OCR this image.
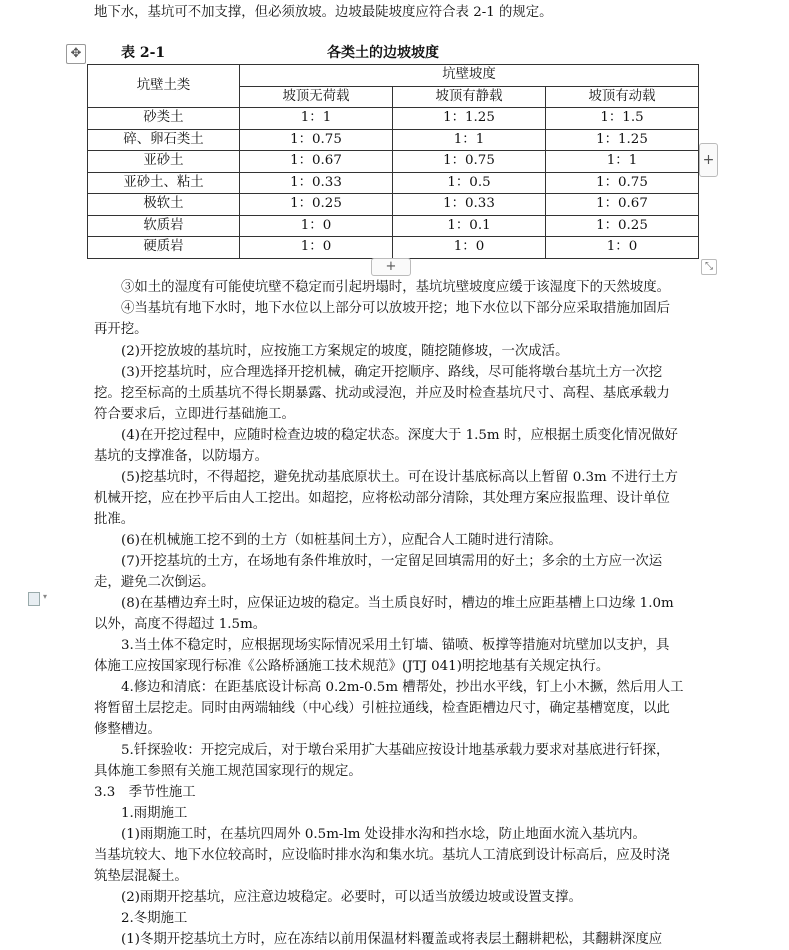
地下水，基坑可不加支撑，但必须放坡。边坡最陡坡度应符合表 2-1 的规定。
✥	表 2-1	各类土的边坡坡度
坑壁土类	坑壁坡度		
	坡顶无荷载	坡顶有静载	坡顶有动载
砂类土	1：1	1：1.25	1：1.5
碎、卵石类土	1：0.75	1：1	1：1.25
亚砂土	1：0.67	1：0.75	1：1
亚砂土、粘土	1：0.33	1：0.5	1：0.75
极软土	1：0.25	1：0.33	1：0.67
软质岩	1：0	1：0.1	1：0.25
硬质岩	1：0	1：0	1：0
+
+	⤡
③如土的湿度有可能使坑壁不稳定而引起坍塌时，基坑坑壁坡度应缓于该湿度下的天然坡度。
④当基坑有地下水时，地下水位以上部分可以放坡开挖；地下水位以下部分应采取措施加固后
再开挖。
(2)开挖放坡的基坑时，应按施工方案规定的坡度，随挖随修坡，一次成活。
(3)开挖基坑时，应合理选择开挖机械，确定开挖顺序、路线，尽可能将墩台基坑土方一次挖
挖。挖至标高的土质基坑不得长期暴露、扰动或浸泡，并应及时检查基坑尺寸、高程、基底承载力
符合要求后，立即进行基础施工。
(4)在开挖过程中，应随时检查边坡的稳定状态。深度大于 1.5m 时，应根据土质变化情况做好
基坑的支撑准备，以防塌方。
(5)挖基坑时，不得超挖，避免扰动基底原状土。可在设计基底标高以上暂留 0.3m 不进行土方
机械开挖，应在抄平后由人工挖出。如超挖，应将松动部分清除，其处理方案应报监理、设计单位
批准。
(6)在机械施工挖不到的土方（如桩基间土方），应配合人工随时进行清除。
(7)开挖基坑的土方，在场地有条件堆放时，一定留足回填需用的好土；多余的土方应一次运
走，避免二次倒运。
(8)在基槽边弃土时，应保证边坡的稳定。当土质良好时，槽边的堆土应距基槽上口边缘 1.0m
以外，高度不得超过 1.5m。
3.当土体不稳定时，应根据现场实际情况采用土钉墙、锚喷、板撑等措施对坑壁加以支护，具
体施工应按国家现行标准《公路桥涵施工技术规范》(JTJ 041)明挖地基有关规定执行。
4.修边和清底：在距基底设计标高 0.2m-0.5m 槽帮处，抄出水平线，钉上小木撅，然后用人工
将暂留土层挖走。同时由两端轴线（中心线）引桩拉通线，检查距槽边尺寸，确定基槽宽度，以此
修整槽边。
5.钎探验收：开挖完成后，对于墩台采用扩大基础应按设计地基承载力要求对基底进行钎探，
具体施工参照有关施工规范国家现行的规定。
3.3　季节性施工
1.雨期施工
(1)雨期施工时，在基坑四周外 0.5m-lm 处设排水沟和挡水埝，防止地面水流入基坑内。
当基坑较大、地下水位较高时，应设临时排水沟和集水坑。基坑人工清底到设计标高后，应及时浇
筑垫层混凝土。
(2)雨期开挖基坑，应注意边坡稳定。必要时，可以适当放缓边坡或设置支撑。
2.冬期施工
(1)冬期开挖基坑土方时，应在冻结以前用保温材料覆盖或将表层土翻耕耙松，其翻耕深度应
▾
